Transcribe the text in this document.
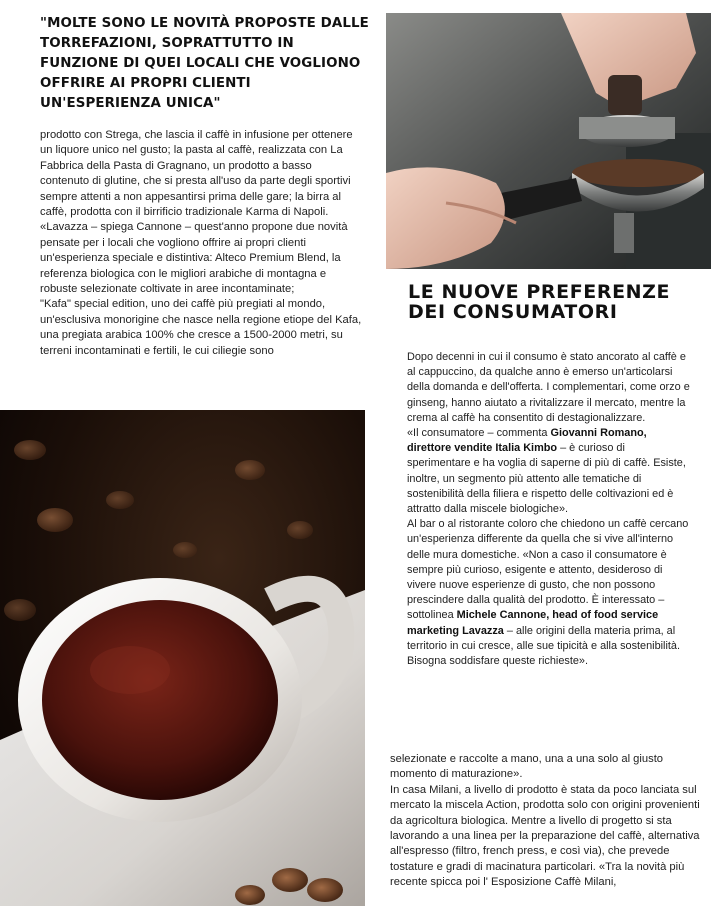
"MOLTE SONO LE NOVITÀ PROPOSTE DALLE TORREFAZIONI, SOPRATTUTTO IN FUNZIONE DI QUEI LOCALI CHE VOGLIONO OFFRIRE AI PROPRI CLIENTI UN'ESPERIENZA UNICA"

prodotto con Strega, che lascia il caffè in infusione per ottenere un liquore unico nel gusto; la pasta al caffè, realizzata con La Fabbrica della Pasta di Gragnano, un prodotto a basso contenuto di glutine, che si presta all'uso da parte degli sportivi sempre attenti a non appesantirsi prima delle gare; la birra al caffè, prodotta con il birrificio tradizionale Karma di Napoli.

«Lavazza – spiega Cannone – quest'anno propone due novità pensate per i locali che vogliono offrire ai propri clienti un'esperienza speciale e distintiva: Alteco Premium Blend, la referenza biologica con le migliori arabiche di montagna e robuste selezionate coltivate in aree incontaminate;

"Kafa" special edition, uno dei caffè più pregiati al mondo, un'esclusiva monorigine che nasce nella regione etiope del Kafa, una pregiata arabica 100% che cresce a 1500-2000 metri, su terreni incontaminati e fertili, le cui ciliegie sono

LE NUOVE PREFERENZE DEI CONSUMATORI

Dopo decenni in cui il consumo è stato ancorato al caffè e al cappuccino, da qualche anno è emerso un'articolarsi della domanda e dell'offerta. I complementari, come orzo e ginseng, hanno aiutato a rivitalizzare il mercato, mentre la crema al caffè ha consentito di destagionalizzare.

«Il consumatore – commenta Giovanni Romano, direttore vendite Italia Kimbo – è curioso di sperimentare e ha voglia di saperne di più di caffè. Esiste, inoltre, un segmento più attento alle tematiche di sostenibilità della filiera e rispetto delle coltivazioni ed è attratto dalla miscele biologiche».

Al bar o al ristorante coloro che chiedono un caffè cercano un'esperienza differente da quella che si vive all'interno delle mura domestiche. «Non a caso il consumatore è sempre più curioso, esigente e attento, desideroso di vivere nuove esperienze di gusto, che non possono prescindere dalla qualità del prodotto. È interessato – sottolinea Michele Cannone, head of food service marketing Lavazza – alle origini della materia prima, al territorio in cui cresce, alle sue tipicità e alla sostenibilità. Bisogna soddisfare queste richieste».

selezionate e raccolte a mano, una a una solo al giusto momento di maturazione».

In casa Milani, a livello di prodotto è stata da poco lanciata sul mercato la miscela Action, prodotta solo con origini provenienti da agricoltura biologica. Mentre a livello di progetto si sta lavorando a una linea per la preparazione del caffè, alternativa all'espresso (filtro, french press, e così via), che prevede tostature e gradi di macinatura particolari. «Tra la novità più recente spicca poi l' Esposizione Caffè Milani,
